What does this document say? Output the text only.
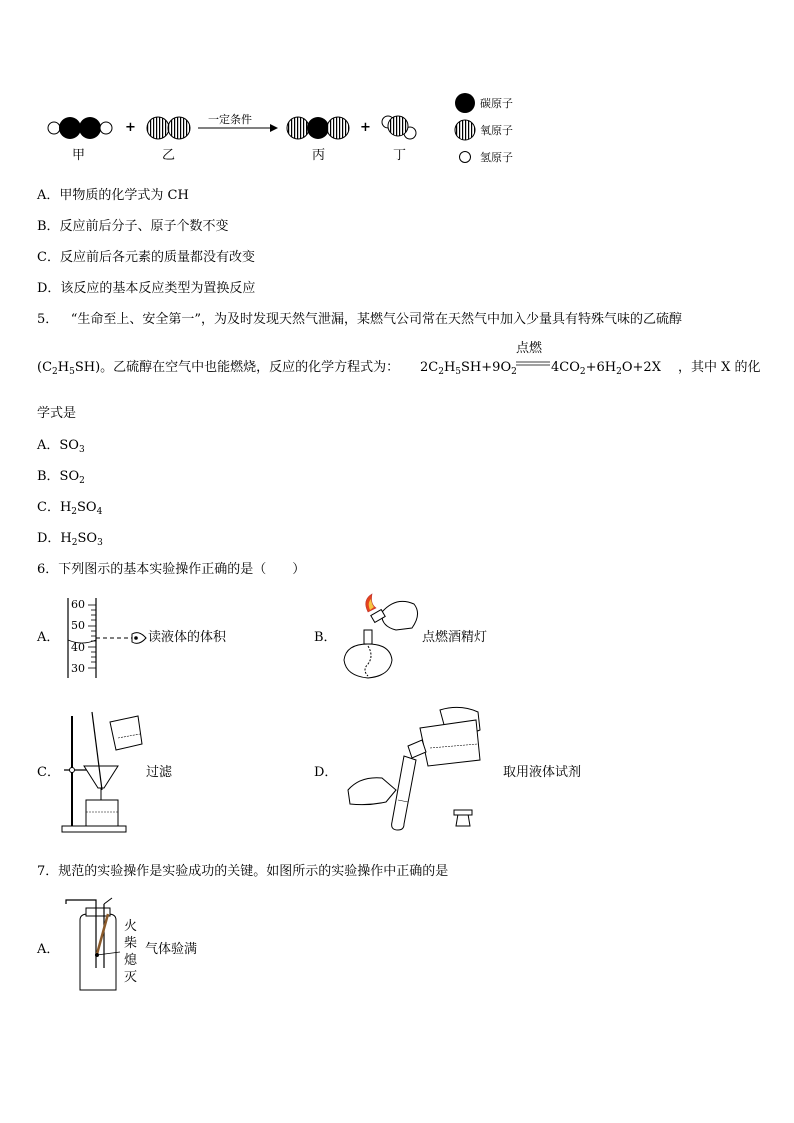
一定条件
+	+
甲	乙	丙	丁
碳原子
氧原子
氢原子
A．甲物质的化学式为 CH
B．反应前后分子、原子个数不变
C．反应前后各元素的质量都没有改变
D．该反应的基本反应类型为置换反应
5． “生命至上、安全第一”，为及时发现天然气泄漏，某燃气公司常在天然气中加入少量具有特殊气味的乙硫醇
$(C_2H_5SH)$。乙硫醇在空气中也能燃烧，反应的化学方程式为：
点燃
$2C_2H_5SH+9O_2$	$4CO_2+6H_2O+2X$ ，其中 X 的化
学式是
A．$SO_3$
B．$SO_2$
C．$H_2SO_4$
D．$H_2SO_3$
6．下列图示的基本实验操作正确的是（　　）
A．
60
50
40
30
读液体的体积	B．	点燃酒精灯
C．	过滤	D．	取用液体试剂
7．规范的实验操作是实验成功的关键。如图所示的实验操作中正确的是
A．
火
柴
熄
灭
气体验满
